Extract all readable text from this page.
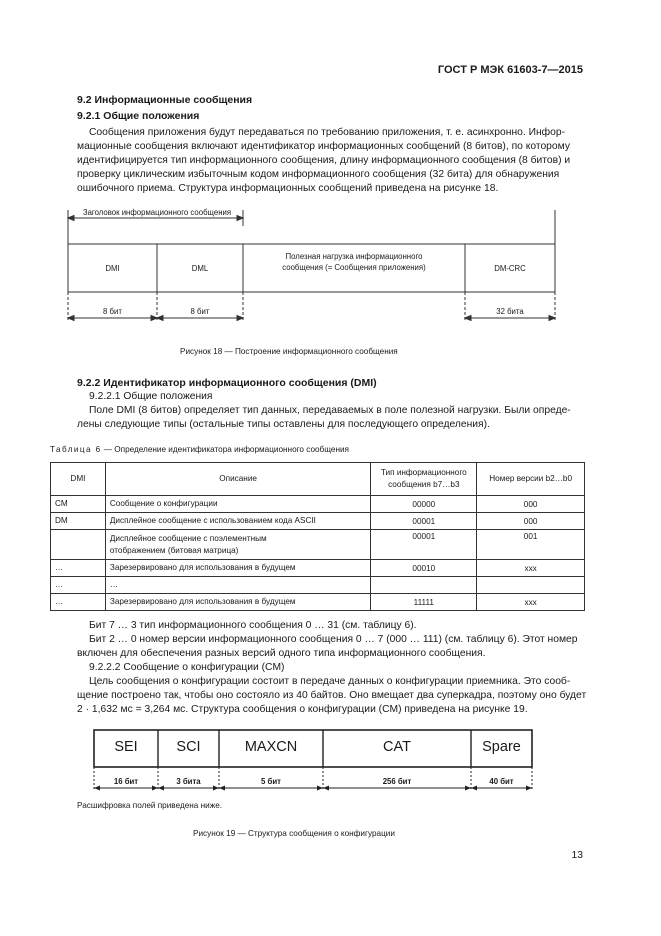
ГОСТ Р МЭК 61603-7—2015
9.2 Информационные сообщения
9.2.1 Общие положения
Сообщения приложения будут передаваться по требованию приложения, т. е. асинхронно. Инфор-
мационные сообщения включают идентификатор информационных сообщений (8 битов), по которому
идентифицируется тип информационного сообщения, длину информационного сообщения (8 битов) и
проверку циклическим избыточным кодом информационного сообщения (32 бита) для обнаружения
ошибочного приема. Структура информационных сообщений приведена на рисунке 18.
Заголовок информационного сообщения
DMI	DML
Полезная нагрузка информационного сообщения (= Сообщения приложения)	DM-CRC
8 бит	8 бит	32 бита
Рисунок 18 — Построение информационного сообщения
9.2.2 Идентификатор информационного сообщения (DMI)
9.2.2.1 Общие положения
Поле DMI (8 битов) определяет тип данных, передаваемых в поле полезной нагрузки. Были опреде-
лены следующие типы (остальные типы оставлены для последующего определения).
Таблица 6 — Определение идентификатора информационного сообщения
DMI	Описание	Тип информационного сообщения b7…b3	Номер версии b2…b0
CM	Сообщение о конфигурации	00000	000
DM	Дисплейное сообщение с использованием кода ASCII	00001	000
	Дисплейное сообщение с поэлементным отображением (битовая матрица)	00001	001
…	Зарезервировано для использования в будущем	00010	xxx
…	…		
…	Зарезервировано для использования в будущем	11111	xxx
Бит 7 … 3 тип информационного сообщения 0 … 31 (см. таблицу 6).
Бит 2 … 0 номер версии информационного сообщения 0 … 7 (000 … 111) (см. таблицу 6). Этот номер
включен для обеспечения разных версий одного типа информационного сообщения.
9.2.2.2 Сообщение о конфигурации (CM)
Цель сообщения о конфигурации состоит в передаче данных о конфигурации приемника. Это сооб-
щение построено так, чтобы оно состояло из 40 байтов. Оно вмещает два суперкадра, поэтому оно будет
2 · 1,632 мс = 3,264 мс. Структура сообщения о конфигурации (CM) приведена на рисунке 19.
SEI	SCI	MAXCN	CAT	Spare
16 бит	3 бита	5 бит	256 бит	40 бит
Расшифровка полей приведена ниже.
Рисунок 19 — Структура сообщения о конфигурации
13
